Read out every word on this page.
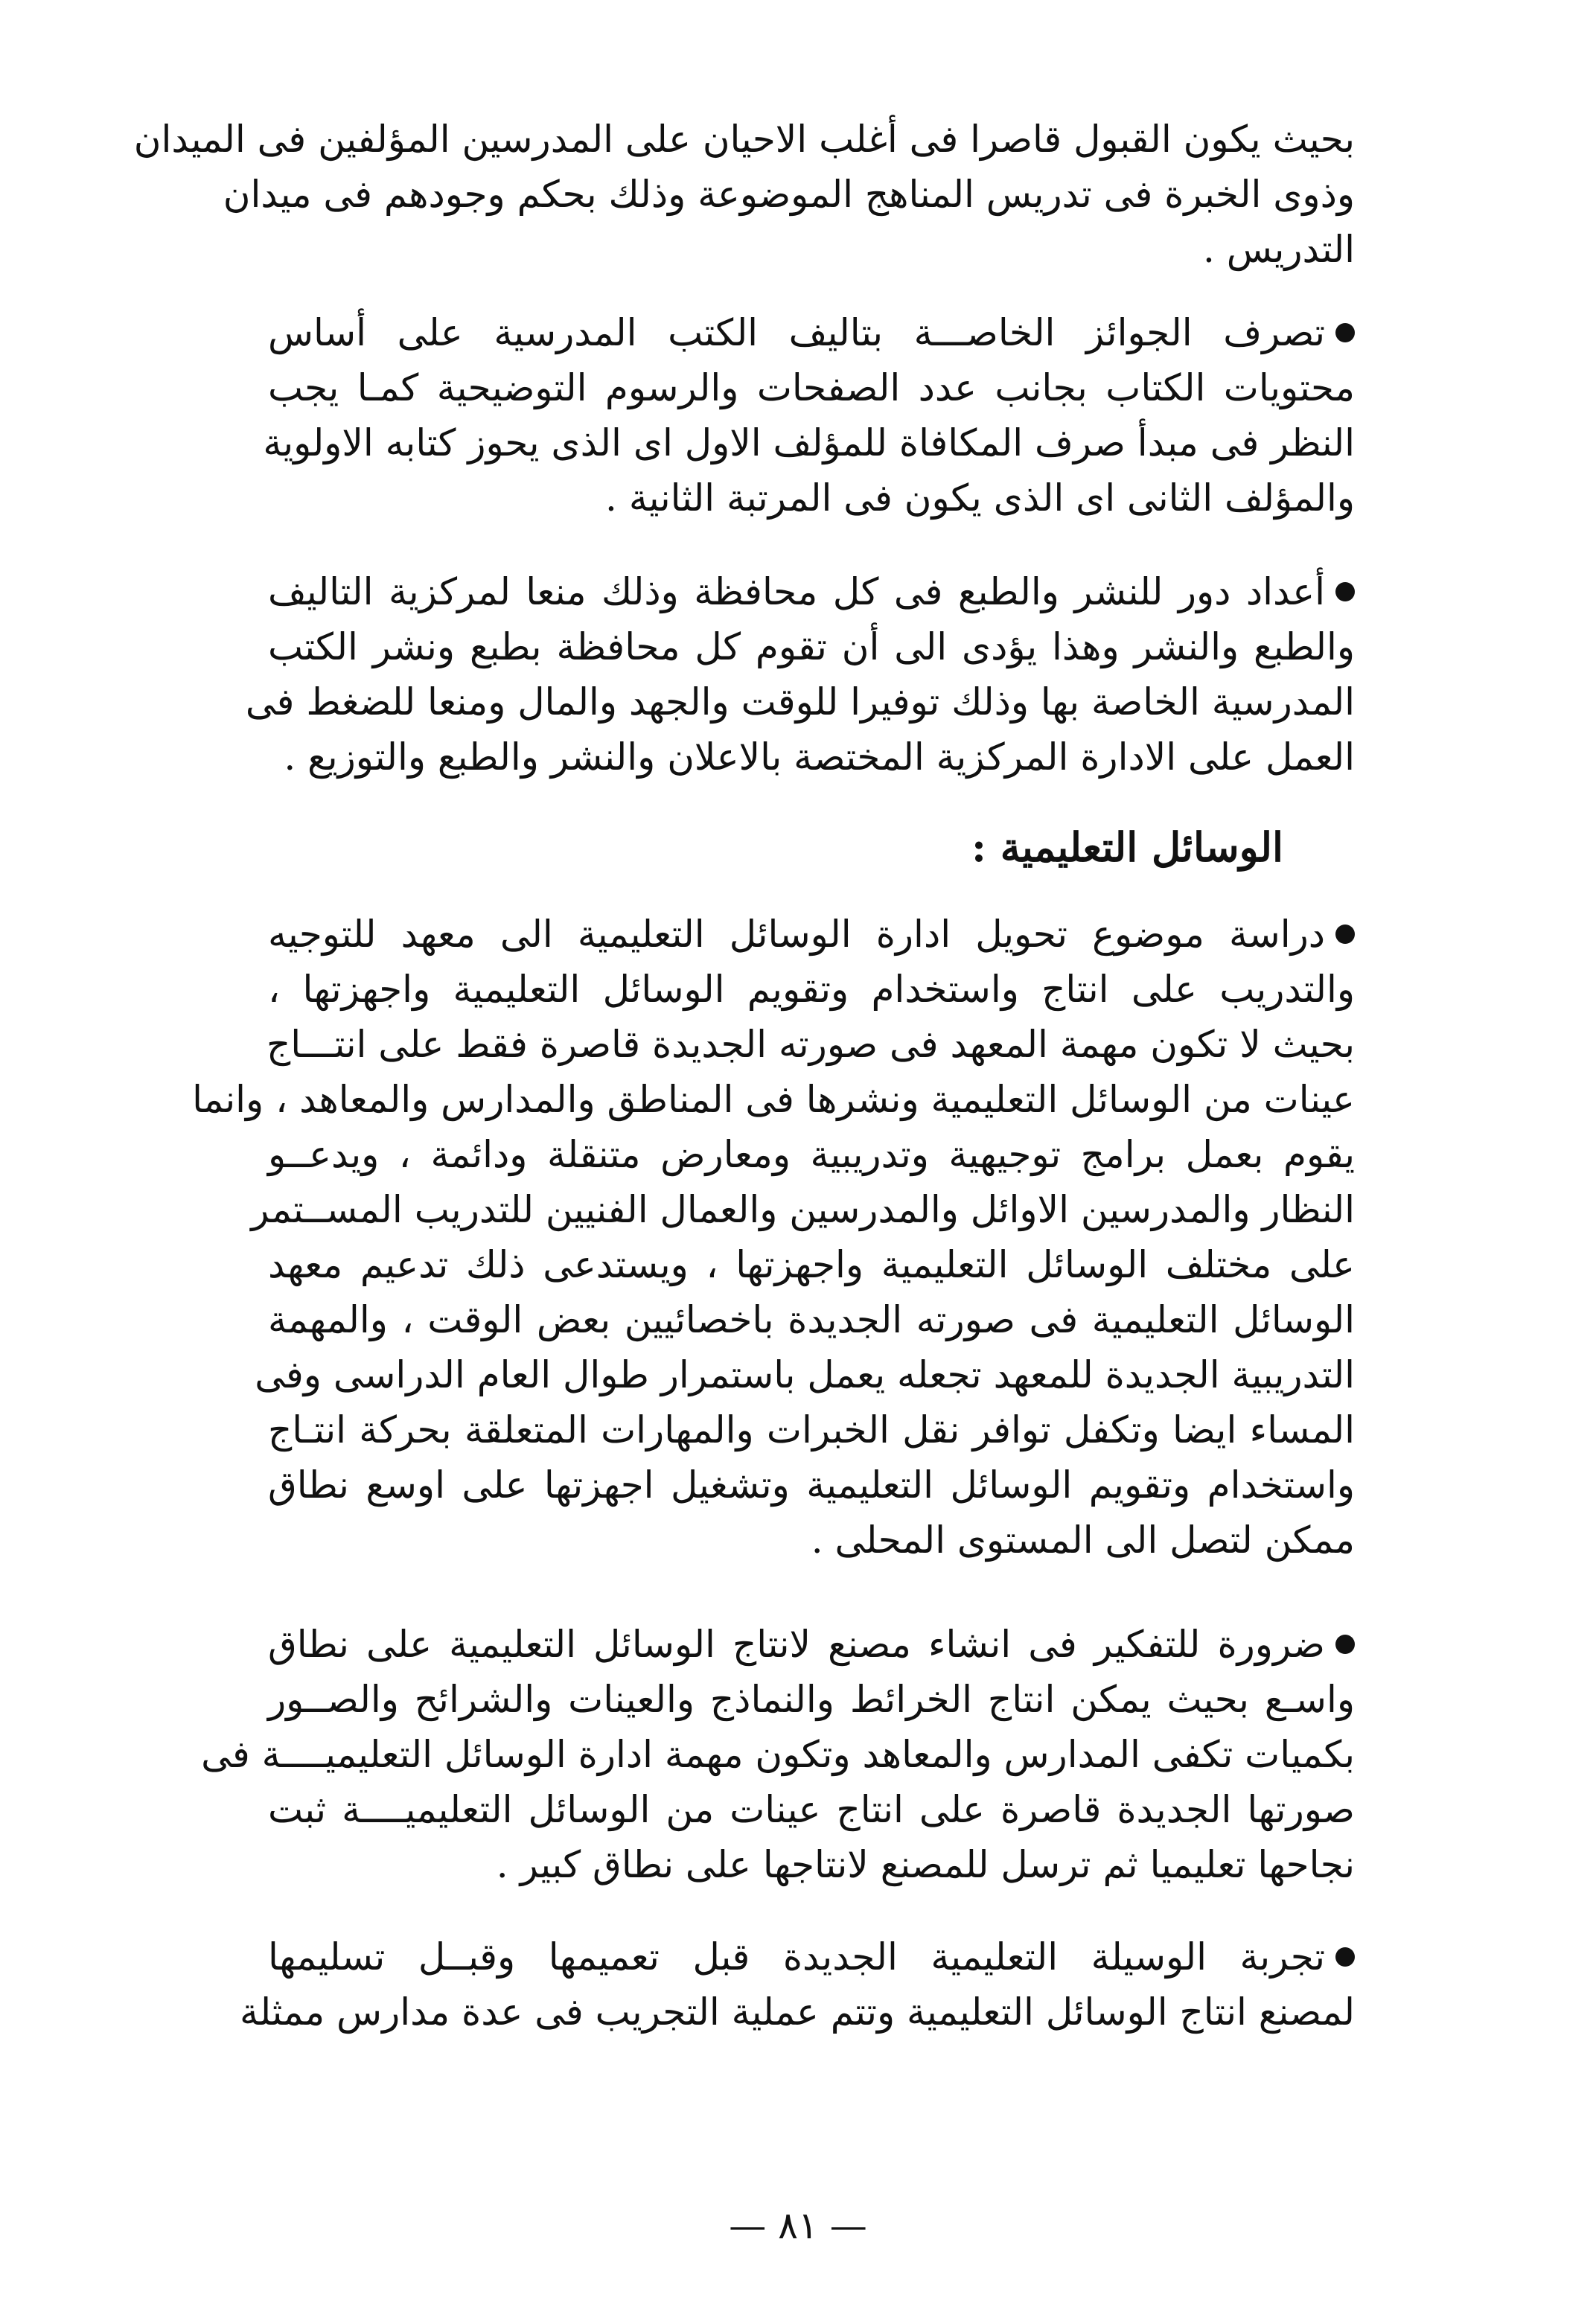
بحيث يكون القبول قاصرا فى أغلب الاحيان على المدرسين المؤلفين فى الميدان
وذوى الخبرة فى تدريس المناهج الموضوعة وذلك بحكم وجودهم فى ميدان
التدريس .
تصرف الجوائز الخاصـــة بتاليف الكتب المدرسية على أساس
محتويات الكتاب بجانب عدد الصفحات والرسوم التوضيحية كمـا يجب
النظر فى مبدأ صرف المكافاة للمؤلف الاول اى الذى يحوز كتابه الاولوية
والمؤلف الثانى اى الذى يكون فى المرتبة الثانية .
أعداد دور للنشر والطبع فى كل محافظة وذلك منعا لمركزية التاليف
والطبع والنشر وهذا يؤدى الى أن تقوم كل محافظة بطبع ونشر الكتب
المدرسية الخاصة بها وذلك توفيرا للوقت والجهد والمال ومنعا للضغط فى
العمل على الادارة المركزية المختصة بالاعلان والنشر والطبع والتوزيع .
الوسائل التعليمية :
دراسة موضوع تحويل ادارة الوسائل التعليمية الى معهد للتوجيه
والتدريب على انتاج واستخدام وتقويم الوسائل التعليمية واجهزتها ،
بحيث لا تكون مهمة المعهد فى صورته الجديدة قاصرة فقط على انتـــاج
عينات من الوسائل التعليمية ونشرها فى المناطق والمدارس والمعاهد ، وانما
يقوم بعمل برامج توجيهية وتدريبية ومعارض متنقلة ودائمة ، ويدعــو
النظار والمدرسين الاوائل والمدرسين والعمال الفنيين للتدريب المســتمر
على مختلف الوسائل التعليمية واجهزتها ، ويستدعى ذلك تدعيم معهد
الوسائل التعليمية فى صورته الجديدة باخصائيين بعض الوقت ، والمهمة
التدريبية الجديدة للمعهد تجعله يعمل باستمرار طوال العام الدراسى وفى
المساء ايضا وتكفل توافر نقل الخبرات والمهارات المتعلقة بحركة انتـاج
واستخدام وتقويم الوسائل التعليمية وتشغيل اجهزتها على اوسع نطاق
ممكن لتصل الى المستوى المحلى .
ضرورة للتفكير فى انشاء مصنع لانتاج الوسائل التعليمية على نطاق
واسـع بحيث يمكن انتاج الخرائط والنماذج والعينات والشرائح والصــور
بكميات تكفى المدارس والمعاهد وتكون مهمة ادارة الوسائل التعليميــــة فى
صورتها الجديدة قاصرة على انتاج عينات من الوسائل التعليميــــة ثبت
نجاحها تعليميا ثم ترسل للمصنع لانتاجها على نطاق كبير .
تجربة الوسيلة التعليمية الجديدة قبل تعميمها وقبــل تسليمها
لمصنع انتاج الوسائل التعليمية وتتم عملية التجريب فى عدة مدارس ممثلة
— ٨١ —
